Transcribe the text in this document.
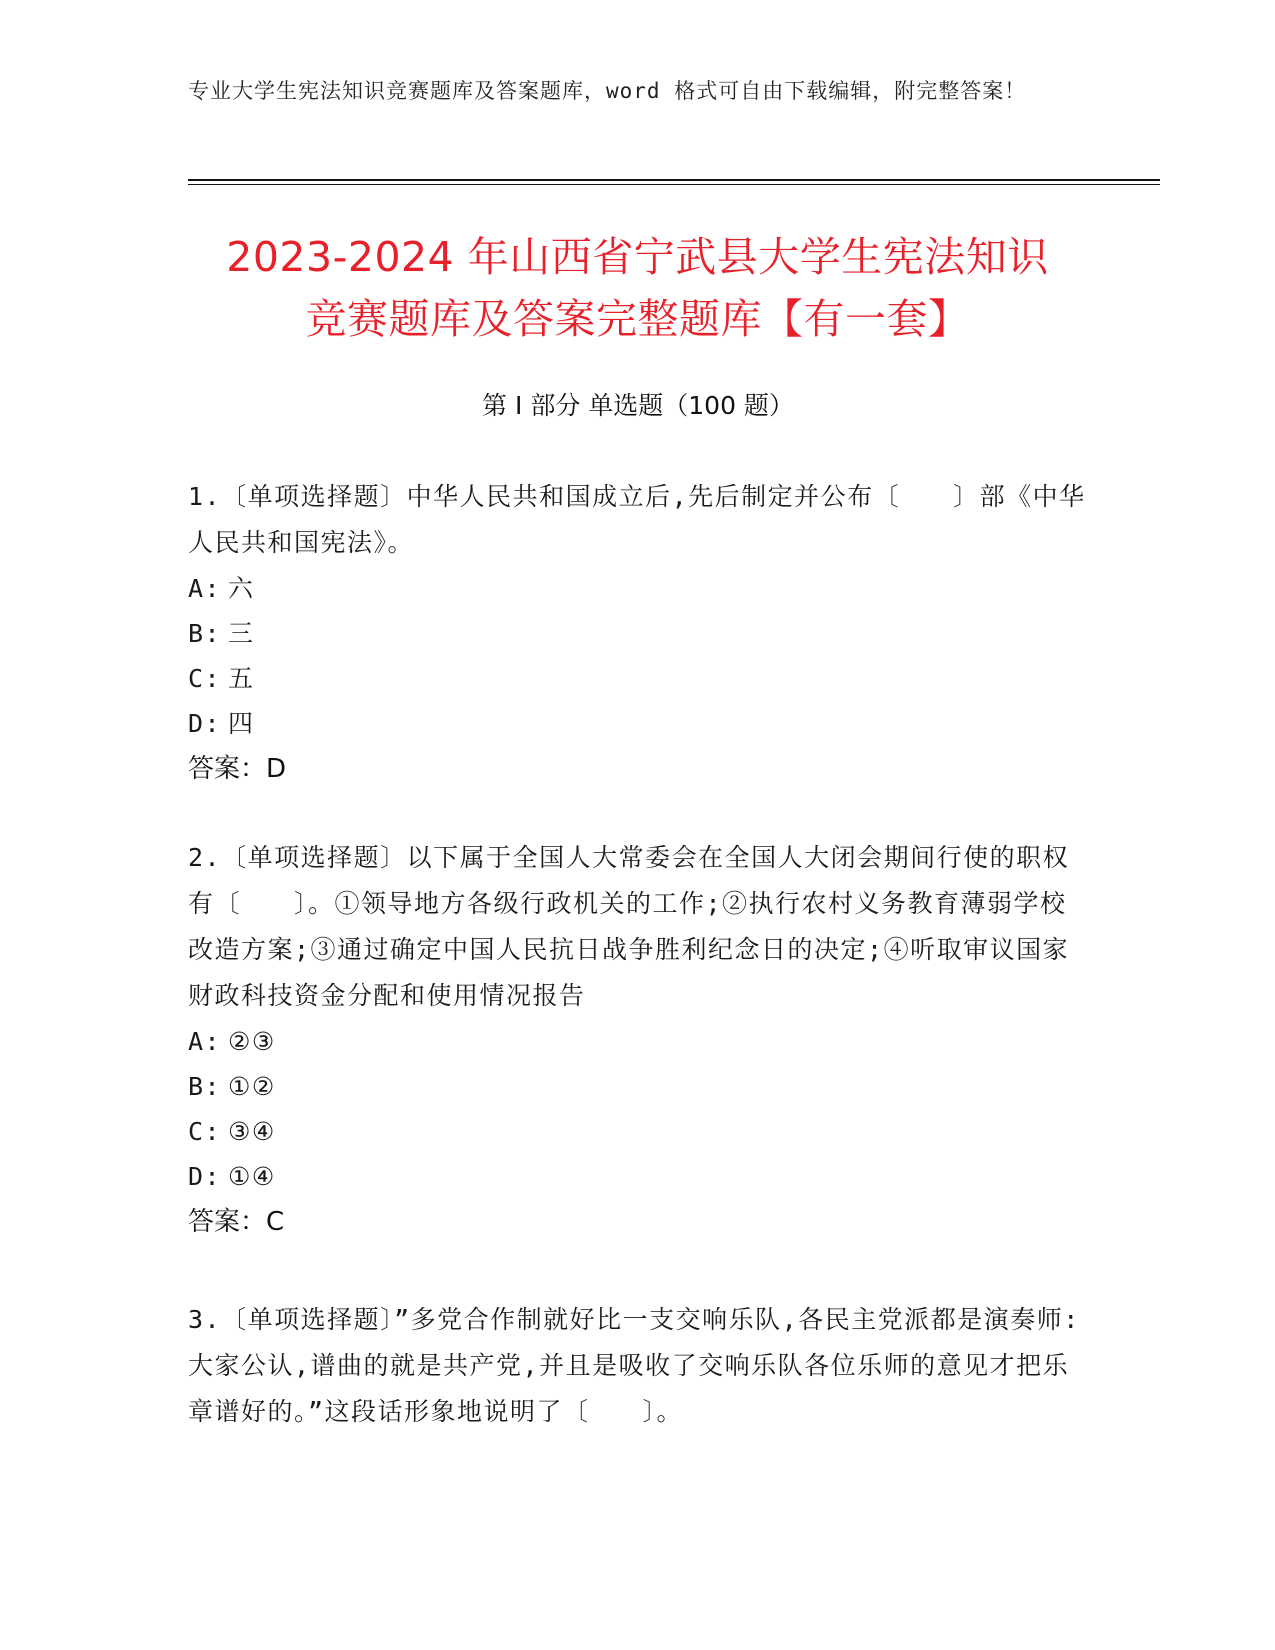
专业大学生宪法知识竞赛题库及答案题库，word 格式可自由下载编辑，附完整答案！
2023-2024 年山西省宁武县大学生宪法知识
竞赛题库及答案完整题库【有一套】
第 I 部分 单选题（100 题）
1.〔单项选择题〕中华人民共和国成立后,先后制定并公布〔　　〕部《中华人民共和国宪法》。
A: 六
B: 三
C: 五
D: 四
答案：D
2.〔单项选择题〕以下属于全国人大常委会在全国人大闭会期间行使的职权有〔　　〕。①领导地方各级行政机关的工作;②执行农村义务教育薄弱学校改造方案;③通过确定中国人民抗日战争胜利纪念日的决定;④听取审议国家财政科技资金分配和使用情况报告
A: ②③
B: ①②
C: ③④
D: ①④
答案：C
3.〔单项选择题〕”多党合作制就好比一支交响乐队,各民主党派都是演奏师:大家公认,谱曲的就是共产党,并且是吸收了交响乐队各位乐师的意见才把乐章谱好的。”这段话形象地说明了〔　　〕。
